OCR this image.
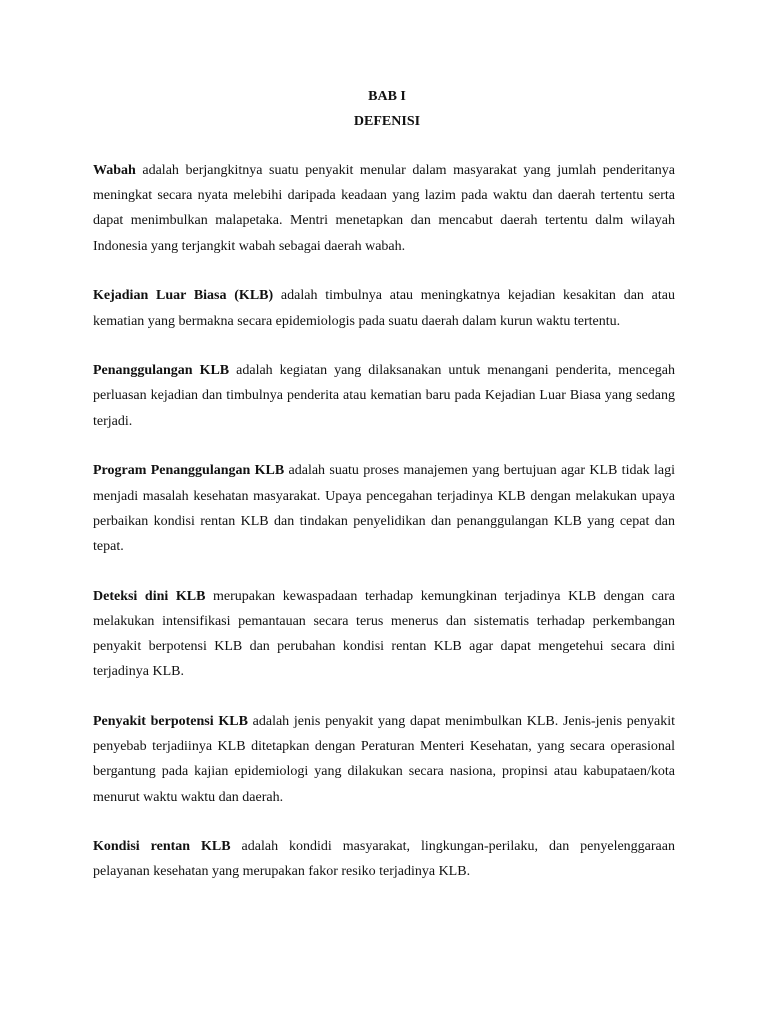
BAB I

DEFENISI

Wabah adalah berjangkitnya suatu penyakit menular dalam masyarakat yang jumlah penderitanya meningkat secara nyata melebihi daripada keadaan yang lazim pada waktu dan daerah tertentu serta dapat menimbulkan malapetaka. Mentri menetapkan dan mencabut daerah tertentu dalm wilayah Indonesia yang terjangkit wabah sebagai daerah wabah.

Kejadian Luar Biasa (KLB) adalah timbulnya atau meningkatnya kejadian kesakitan dan atau kematian yang bermakna secara epidemiologis pada suatu daerah dalam kurun waktu tertentu.

Penanggulangan KLB adalah kegiatan yang dilaksanakan untuk menangani penderita, mencegah perluasan kejadian dan timbulnya penderita atau kematian baru pada Kejadian Luar Biasa yang sedang terjadi.

Program Penanggulangan KLB adalah suatu proses manajemen yang bertujuan agar KLB tidak lagi menjadi masalah kesehatan masyarakat. Upaya pencegahan terjadinya KLB dengan melakukan upaya perbaikan kondisi rentan KLB dan tindakan penyelidikan dan penanggulangan KLB yang cepat dan tepat.

Deteksi dini KLB merupakan kewaspadaan terhadap kemungkinan terjadinya KLB dengan cara melakukan intensifikasi pemantauan secara terus menerus dan sistematis terhadap perkembangan penyakit berpotensi KLB dan perubahan kondisi rentan KLB agar dapat mengetehui secara dini terjadinya KLB.

Penyakit berpotensi KLB adalah jenis penyakit yang dapat menimbulkan KLB. Jenis-jenis penyakit penyebab terjadiinya KLB ditetapkan dengan Peraturan Menteri Kesehatan, yang secara operasional bergantung pada kajian epidemiologi yang dilakukan secara nasiona, propinsi atau kabupataen/kota menurut waktu waktu dan daerah.

Kondisi rentan KLB adalah kondidi masyarakat, lingkungan-perilaku, dan penyelenggaraan pelayanan kesehatan yang merupakan fakor resiko terjadinya KLB.
